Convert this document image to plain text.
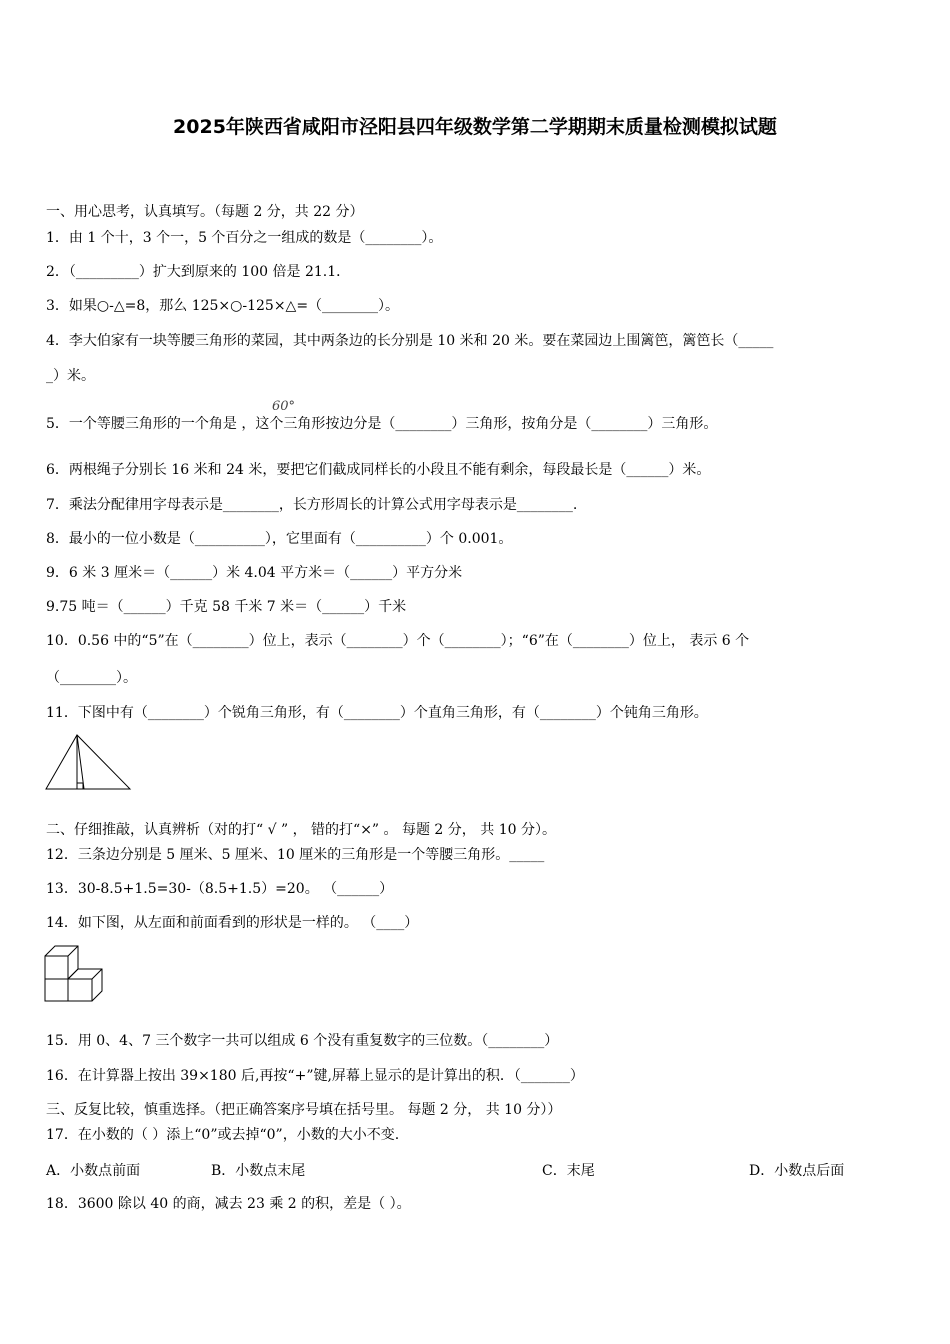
2025年陕西省咸阳市泾阳县四年级数学第二学期期末质量检测模拟试题
一、用心思考，认真填写。（每题 2 分，共 22 分）
1．由 1 个十，3 个一，5 个百分之一组成的数是（________）。
2．（_________）扩大到原来的 100 倍是 21.1．
3．如果○-△=8，那么 125×○-125×△=（________）。
4．李大伯家有一块等腰三角形的菜园，其中两条边的长分别是 10 米和 20 米。要在菜园边上围篱笆，篱笆长（_____
_）米。
5．一个等腰三角形的一个角是 ，这个三角形按边分是（________）三角形，按角分是（________）三角形。
60°
6．两根绳子分别长 16 米和 24 米，要把它们截成同样长的小段且不能有剩余，每段最长是（______）米。
7．乘法分配律用字母表示是________，长方形周长的计算公式用字母表示是________.
8．最小的一位小数是（__________），它里面有（__________）个 0.001。
9．6 米 3 厘米＝（______）米 4.04 平方米＝（______）平方分米
9.75 吨＝（______）千克 58 千米 7 米＝（______）千米
10．0.56 中的“5”在（________）位上，表示（________）个（________）；“6”在（________）位上， 表示 6 个
（________）。
11．下图中有（________）个锐角三角形，有（________）个直角三角形，有（________）个钝角三角形。
二、仔细推敲，认真辨析（对的打“ √ ” ， 错的打“×” 。 每题 2 分， 共 10 分）。
12．三条边分别是 5 厘米、5 厘米、10 厘米的三角形是一个等腰三角形。_____
13．30-8.5+1.5=30-（8.5+1.5）=20。 （______）
14．如下图，从左面和前面看到的形状是一样的。 （____）
15．用 0、4、7 三个数字一共可以组成 6 个没有重复数字的三位数。（________）
16．在计算器上按出 39×180 后,再按“+”键,屏幕上显示的是计算出的积．（_______）
三、反复比较，慎重选择。（把正确答案序号填在括号里。 每题 2 分， 共 10 分））
17．在小数的（ ）添上“0”或去掉“0”，小数的大小不变.
A．小数点前面	B．小数点末尾	C．末尾	D．小数点后面
18．3600 除以 40 的商，减去 23 乘 2 的积，差是（ ）。
